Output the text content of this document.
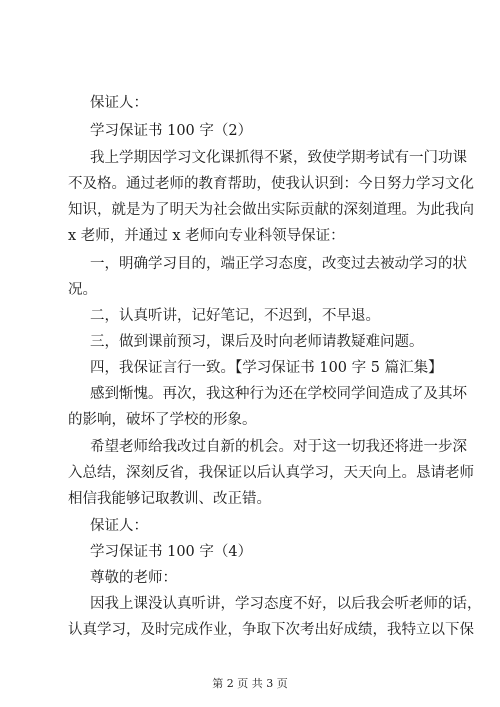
保证人：
学习保证书 100 字（2）
我上学期因学习文化课抓得不紧，致使学期考试有一门功课
不及格。通过老师的教育帮助，使我认识到：今日努力学习文化
知识，就是为了明天为社会做出实际贡献的深刻道理。为此我向
x 老师，并通过 x 老师向专业科领导保证：
一，明确学习目的，端正学习态度，改变过去被动学习的状
况。
二，认真听讲，记好笔记，不迟到，不早退。
三，做到课前预习，课后及时向老师请教疑难问题。
四，我保证言行一致。【学习保证书 100 字 5 篇汇集】
感到惭愧。再次，我这种行为还在学校同学间造成了及其坏
的影响，破坏了学校的形象。
希望老师给我改过自新的机会。对于这一切我还将进一步深
入总结，深刻反省，我保证以后认真学习，天天向上。恳请老师
相信我能够记取教训、改正错。
保证人：
学习保证书 100 字（4）
尊敬的老师：
因我上课没认真听讲，学习态度不好，以后我会听老师的话，
认真学习，及时完成作业，争取下次考出好成绩，我特立以下保
第 2 页 共 3 页
